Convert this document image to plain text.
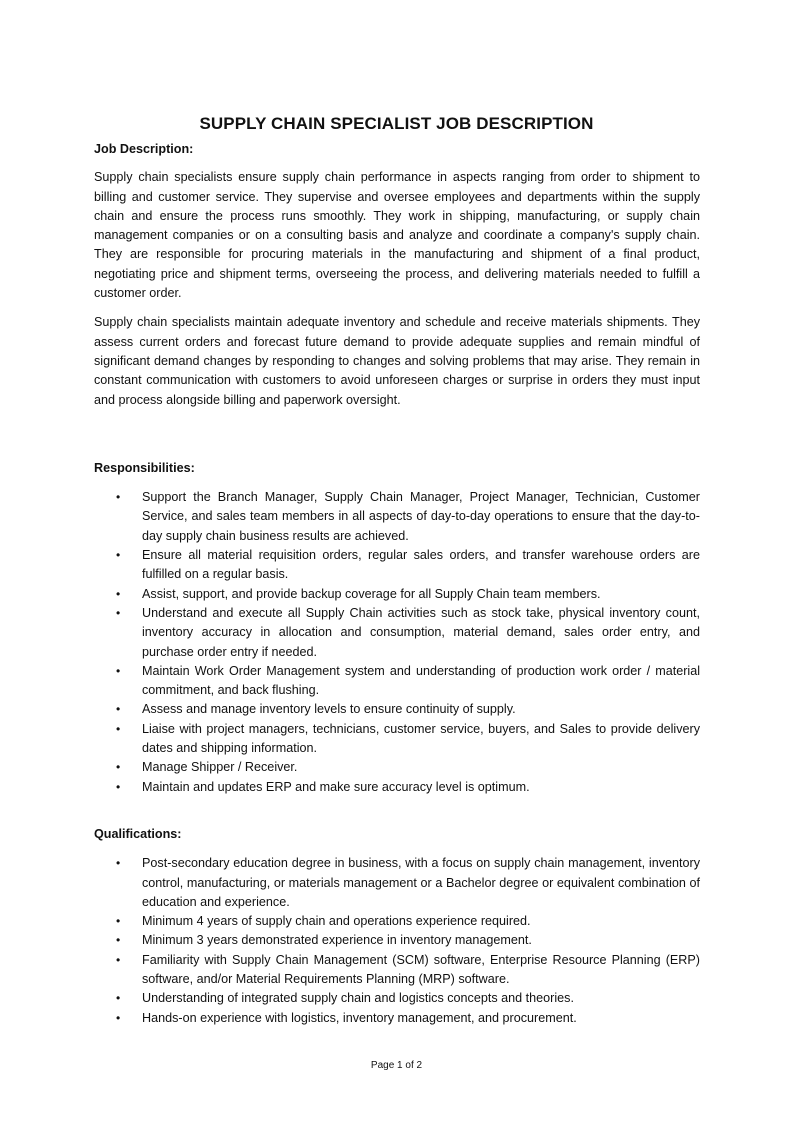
SUPPLY CHAIN SPECIALIST JOB DESCRIPTION

Job Description:

Supply chain specialists ensure supply chain performance in aspects ranging from order to shipment to billing and customer service. They supervise and oversee employees and departments within the supply chain and ensure the process runs smoothly. They work in shipping, manufacturing, or supply chain management companies or on a consulting basis and analyze and coordinate a company's supply chain. They are responsible for procuring materials in the manufacturing and shipment of a final product, negotiating price and shipment terms, overseeing the process, and delivering materials needed to fulfill a customer order.

Supply chain specialists maintain adequate inventory and schedule and receive materials shipments. They assess current orders and forecast future demand to provide adequate supplies and remain mindful of significant demand changes by responding to changes and solving problems that may arise. They remain in constant communication with customers to avoid unforeseen charges or surprise in orders they must input and process alongside billing and paperwork oversight.

Responsibilities:

• Support the Branch Manager, Supply Chain Manager, Project Manager, Technician, Customer Service, and sales team members in all aspects of day-to-day operations to ensure that the day-to-day supply chain business results are achieved.
• Ensure all material requisition orders, regular sales orders, and transfer warehouse orders are fulfilled on a regular basis.
• Assist, support, and provide backup coverage for all Supply Chain team members.
• Understand and execute all Supply Chain activities such as stock take, physical inventory count, inventory accuracy in allocation and consumption, material demand, sales order entry, and purchase order entry if needed.
• Maintain Work Order Management system and understanding of production work order / material commitment, and back flushing.
• Assess and manage inventory levels to ensure continuity of supply.
• Liaise with project managers, technicians, customer service, buyers, and Sales to provide delivery dates and shipping information.
• Manage Shipper / Receiver.
• Maintain and updates ERP and make sure accuracy level is optimum.

Qualifications:

• Post-secondary education degree in business, with a focus on supply chain management, inventory control, manufacturing, or materials management or a Bachelor degree or equivalent combination of education and experience.
• Minimum 4 years of supply chain and operations experience required.
• Minimum 3 years demonstrated experience in inventory management.
• Familiarity with Supply Chain Management (SCM) software, Enterprise Resource Planning (ERP) software, and/or Material Requirements Planning (MRP) software.
• Understanding of integrated supply chain and logistics concepts and theories.
• Hands-on experience with logistics, inventory management, and procurement.
Page 1 of 2
